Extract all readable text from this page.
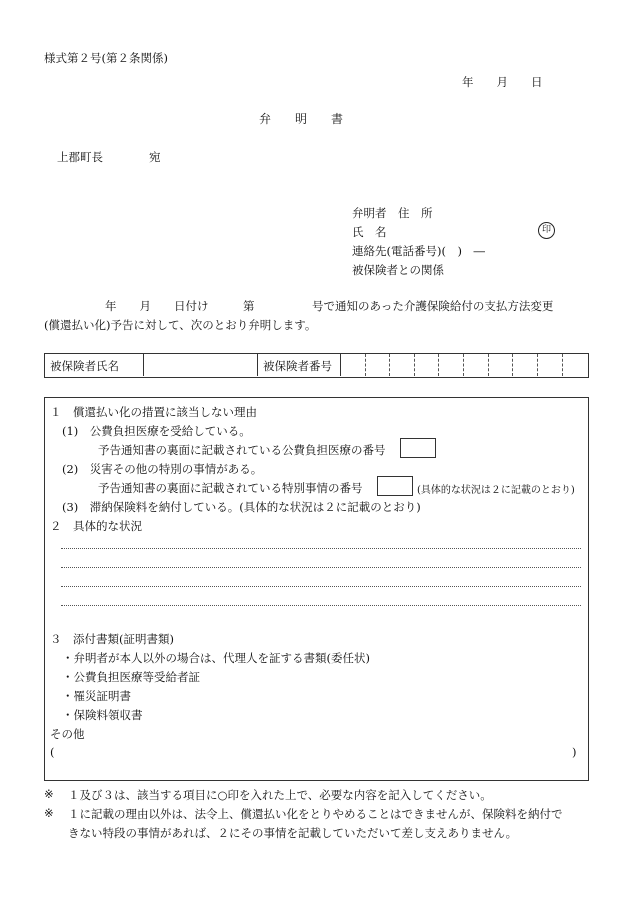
様式第２号(第２条関係)
年　　月　　日
弁　　明　　書
上郡町長　　　　宛
弁明者　住　所
氏　名	印
連絡先(電話番号)(　)　―
被保険者との関係
年　　月　　日付け　　　第　　　　　号で通知のあった介護保険給付の支払方法変更
(償還払い化)予告に対して、次のとおり弁明します。
被保険者氏名	被保険者番号
１　償還払い化の措置に該当しない理由
(1)　公費負担医療を受給している。
予告通知書の裏面に記載されている公費負担医療の番号
(2)　災害その他の特別の事情がある。
予告通知書の裏面に記載されている特別事情の番号	(具体的な状況は２に記載のとおり)
(3)　滞納保険料を納付している。(具体的な状況は２に記載のとおり)
２　具体的な状況
３　添付書類(証明書類)
・弁明者が本人以外の場合は、代理人を証する書類(委任状)
・公費負担医療等受給者証
・罹災証明書
・保険料領収書
その他
(	)
※ １及び３は、該当する項目に○印を入れた上で、必要な内容を記入してください。
※ １に記載の理由以外は、法令上、償還払い化をとりやめることはできませんが、保険料を納付で
きない特段の事情があれば、２にその事情を記載していただいて差し支えありません。
